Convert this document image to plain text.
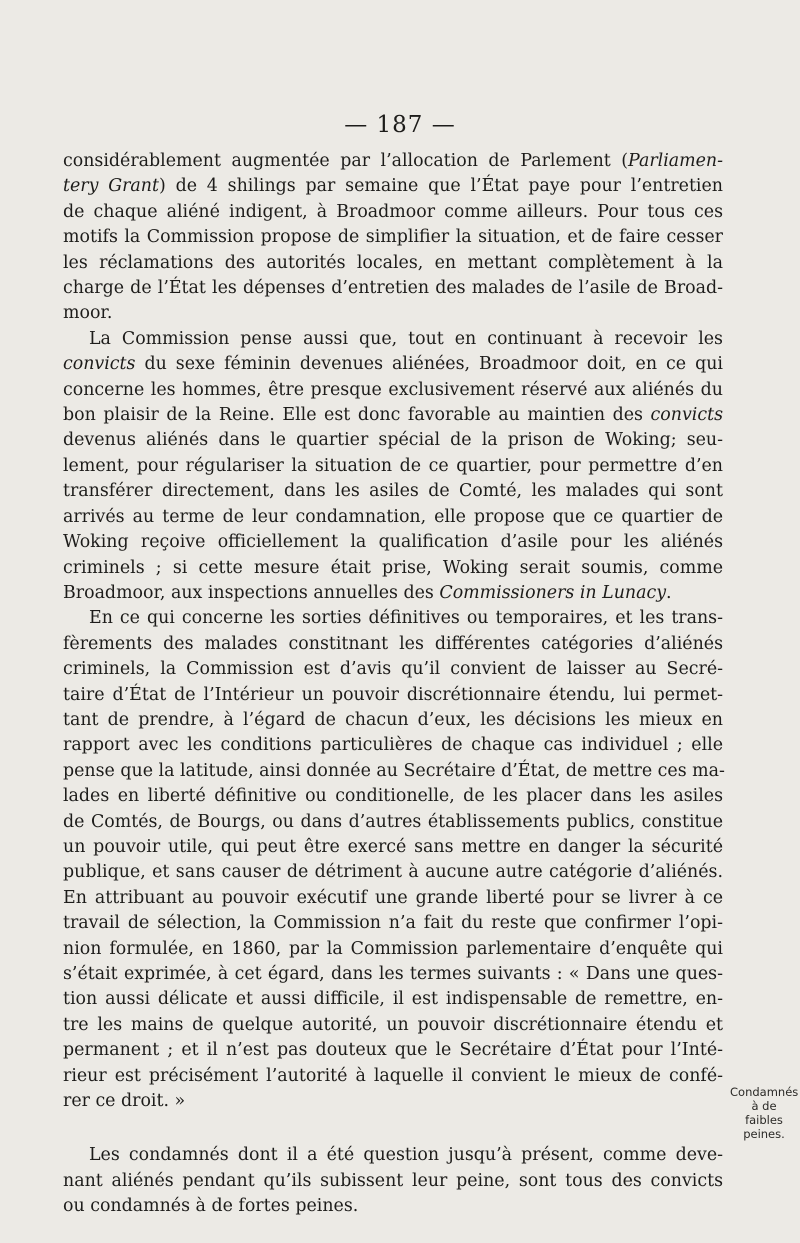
— 187 —

considérablement augmentée par l’allocation de Parlement (Parliamen-
tery Grant) de 4 shilings par semaine que l’État paye pour l’entretien
de chaque aliéné indigent, à Broadmoor comme ailleurs. Pour tous ces
motifs la Commission propose de simplifier la situation, et de faire cesser
les réclamations des autorités locales, en mettant complètement à la
charge de l’État les dépenses d’entretien des malades de l’asile de Broad-
moor.

La Commission pense aussi que, tout en continuant à recevoir les
convicts du sexe féminin devenues aliénées, Broadmoor doit, en ce qui
concerne les hommes, être presque exclusivement réservé aux aliénés du
bon plaisir de la Reine. Elle est donc favorable au maintien des convicts
devenus aliénés dans le quartier spécial de la prison de Woking; seu-
lement, pour régulariser la situation de ce quartier, pour permettre d’en
transférer directement, dans les asiles de Comté, les malades qui sont
arrivés au terme de leur condamnation, elle propose que ce quartier de
Woking reçoive officiellement la qualification d’asile pour les aliénés
criminels ; si cette mesure était prise, Woking serait soumis, comme
Broadmoor, aux inspections annuelles des Commissioners in Lunacy.

En ce qui concerne les sorties définitives ou temporaires, et les trans-
fèrements des malades constitnant les différentes catégories d’aliénés
criminels, la Commission est d’avis qu’il convient de laisser au Secré-
taire d’État de l’Intérieur un pouvoir discrétionnaire étendu, lui permet-
tant de prendre, à l’égard de chacun d’eux, les décisions les mieux en
rapport avec les conditions particulières de chaque cas individuel ; elle
pense que la latitude, ainsi donnée au Secrétaire d’État, de mettre ces ma-
lades en liberté définitive ou conditionelle, de les placer dans les asiles
de Comtés, de Bourgs, ou dans d’autres établissements publics, constitue
un pouvoir utile, qui peut être exercé sans mettre en danger la sécurité
publique, et sans causer de détriment à aucune autre catégorie d’aliénés.
En attribuant au pouvoir exécutif une grande liberté pour se livrer à ce
travail de sélection, la Commission n’a fait du reste que confirmer l’opi-
nion formulée, en 1860, par la Commission parlementaire d’enquête qui
s’était exprimée, à cet égard, dans les termes suivants : « Dans une ques-
tion aussi délicate et aussi difficile, il est indispensable de remettre, en-
tre les mains de quelque autorité, un pouvoir discrétionnaire étendu et
permanent ; et il n’est pas douteux que le Secrétaire d’État pour l’Inté-
rieur est précisément l’autorité à laquelle il convient le mieux de confé-
rer ce droit. »

Les condamnés dont il a été question jusqu’à présent, comme deve-
nant aliénés pendant qu’ils subissent leur peine, sont tous des convicts
ou condamnés à de fortes peines.

Condamnés à de
faibles peines.
